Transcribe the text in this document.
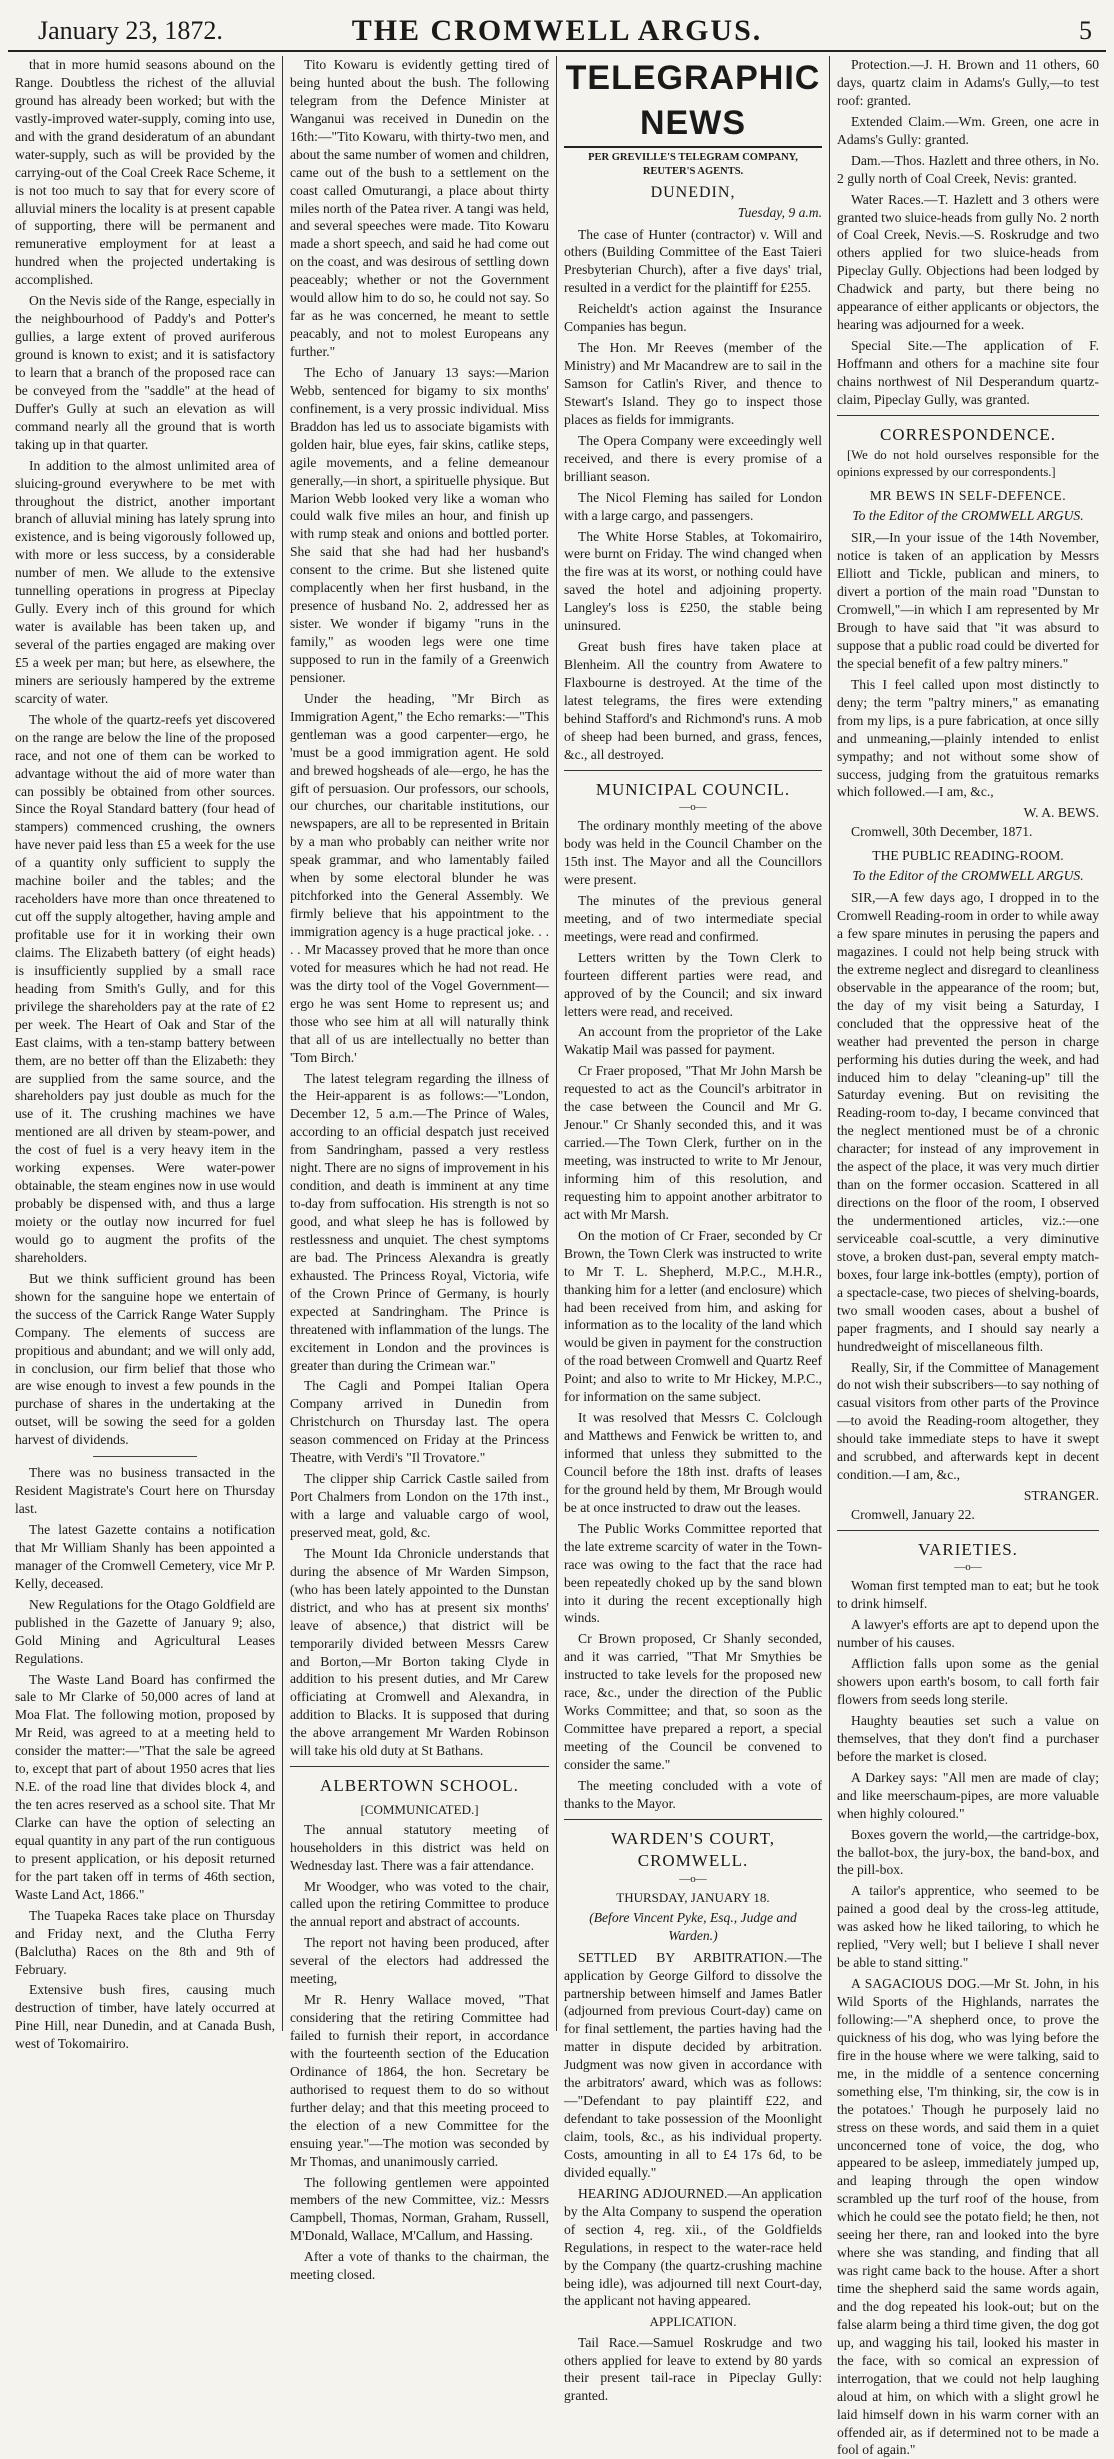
January 23, 1872.	THE CROMWELL ARGUS.	5

that in more humid seasons abound on the Range. Doubtless the richest of the alluvial ground has already been worked; but with the vastly-improved water-supply, coming into use, and with the grand desideratum of an abundant water-supply, such as will be provided by the carrying-out of the Coal Creek Race Scheme, it is not too much to say that for every score of alluvial miners the locality is at present capable of supporting, there will be permanent and remunerative employment for at least a hundred when the projected undertaking is accomplished.

On the Nevis side of the Range, especially in the neighbourhood of Paddy's and Potter's gullies, a large extent of proved auriferous ground is known to exist; and it is satisfactory to learn that a branch of the proposed race can be conveyed from the "saddle" at the head of Duffer's Gully at such an elevation as will command nearly all the ground that is worth taking up in that quarter.

In addition to the almost unlimited area of sluicing-ground everywhere to be met with throughout the district, another important branch of alluvial mining has lately sprung into existence, and is being vigorously followed up, with more or less success, by a considerable number of men. We allude to the extensive tunnelling operations in progress at Pipeclay Gully. Every inch of this ground for which water is available has been taken up, and several of the parties engaged are making over £5 a week per man; but here, as elsewhere, the miners are seriously hampered by the extreme scarcity of water.

The whole of the quartz-reefs yet discovered on the range are below the line of the proposed race, and not one of them can be worked to advantage without the aid of more water than can possibly be obtained from other sources. Since the Royal Standard battery (four head of stampers) commenced crushing, the owners have never paid less than £5 a week for the use of a quantity only sufficient to supply the machine boiler and the tables; and the raceholders have more than once threatened to cut off the supply altogether, having ample and profitable use for it in working their own claims. The Elizabeth battery (of eight heads) is insufficiently supplied by a small race heading from Smith's Gully, and for this privilege the shareholders pay at the rate of £2 per week. The Heart of Oak and Star of the East claims, with a ten-stamp battery between them, are no better off than the Elizabeth: they are supplied from the same source, and the shareholders pay just double as much for the use of it. The crushing machines we have mentioned are all driven by steam-power, and the cost of fuel is a very heavy item in the working expenses. Were water-power obtainable, the steam engines now in use would probably be dispensed with, and thus a large moiety or the outlay now incurred for fuel would go to augment the profits of the shareholders.

But we think sufficient ground has been shown for the sanguine hope we entertain of the success of the Carrick Range Water Supply Company. The elements of success are propitious and abundant; and we will only add, in conclusion, our firm belief that those who are wise enough to invest a few pounds in the purchase of shares in the undertaking at the outset, will be sowing the seed for a golden harvest of dividends.

There was no business transacted in the Resident Magistrate's Court here on Thursday last.

The latest Gazette contains a notification that Mr William Shanly has been appointed a manager of the Cromwell Cemetery, vice Mr P. Kelly, deceased.

New Regulations for the Otago Goldfield are published in the Gazette of January 9; also, Gold Mining and Agricultural Leases Regulations.

The Waste Land Board has confirmed the sale to Mr Clarke of 50,000 acres of land at Moa Flat. The following motion, proposed by Mr Reid, was agreed to at a meeting held to consider the matter:—"That the sale be agreed to, except that part of about 1950 acres that lies N.E. of the road line that divides block 4, and the ten acres reserved as a school site. That Mr Clarke can have the option of selecting an equal quantity in any part of the run contiguous to present application, or his deposit returned for the part taken off in terms of 46th section, Waste Land Act, 1866."

The Tuapeka Races take place on Thursday and Friday next, and the Clutha Ferry (Balclutha) Races on the 8th and 9th of February.

Extensive bush fires, causing much destruction of timber, have lately occurred at Pine Hill, near Dunedin, and at Canada Bush, west of Tokomairiro.

Tito Kowaru is evidently getting tired of being hunted about the bush. The following telegram from the Defence Minister at Wanganui was received in Dunedin on the 16th:—"Tito Kowaru, with thirty-two men, and about the same number of women and children, came out of the bush to a settlement on the coast called Omuturangi, a place about thirty miles north of the Patea river. A tangi was held, and several speeches were made. Tito Kowaru made a short speech, and said he had come out on the coast, and was desirous of settling down peaceably; whether or not the Government would allow him to do so, he could not say. So far as he was concerned, he meant to settle peacably, and not to molest Europeans any further."

The Echo of January 13 says:—Marion Webb, sentenced for bigamy to six months' confinement, is a very prossic individual. Miss Braddon has led us to associate bigamists with golden hair, blue eyes, fair skins, catlike steps, agile movements, and a feline demeanour generally,—in short, a spirituelle physique. But Marion Webb looked very like a woman who could walk five miles an hour, and finish up with rump steak and onions and bottled porter. She said that she had had her husband's consent to the crime. But she listened quite complacently when her first husband, in the presence of husband No. 2, addressed her as sister. We wonder if bigamy "runs in the family," as wooden legs were one time supposed to run in the family of a Greenwich pensioner.

Under the heading, "Mr Birch as Immigration Agent," the Echo remarks:—"This gentleman was a good carpenter—ergo, he 'must be a good immigration agent. He sold and brewed hogsheads of ale—ergo, he has the gift of persuasion. Our professors, our schools, our churches, our charitable institutions, our newspapers, are all to be represented in Britain by a man who probably can neither write nor speak grammar, and who lamentably failed when by some electoral blunder he was pitchforked into the General Assembly. We firmly believe that his appointment to the immigration agency is a huge practical joke. . . . . Mr Macassey proved that he more than once voted for measures which he had not read. He was the dirty tool of the Vogel Government—ergo he was sent Home to represent us; and those who see him at all will naturally think that all of us are intellectually no better than 'Tom Birch.'

The latest telegram regarding the illness of the Heir-apparent is as follows:—"London, December 12, 5 a.m.—The Prince of Wales, according to an official despatch just received from Sandringham, passed a very restless night. There are no signs of improvement in his condition, and death is imminent at any time to-day from suffocation. His strength is not so good, and what sleep he has is followed by restlessness and unquiet. The chest symptoms are bad. The Princess Alexandra is greatly exhausted. The Princess Royal, Victoria, wife of the Crown Prince of Germany, is hourly expected at Sandringham. The Prince is threatened with inflammation of the lungs. The excitement in London and the provinces is greater than during the Crimean war."

The Cagli and Pompei Italian Opera Company arrived in Dunedin from Christchurch on Thursday last. The opera season commenced on Friday at the Princess Theatre, with Verdi's "Il Trovatore."

The clipper ship Carrick Castle sailed from Port Chalmers from London on the 17th inst., with a large and valuable cargo of wool, preserved meat, gold, &c.

The Mount Ida Chronicle understands that during the absence of Mr Warden Simpson, (who has been lately appointed to the Dunstan district, and who has at present six months' leave of absence,) that district will be temporarily divided between Messrs Carew and Borton,—Mr Borton taking Clyde in addition to his present duties, and Mr Carew officiating at Cromwell and Alexandra, in addition to Blacks. It is supposed that during the above arrangement Mr Warden Robinson will take his old duty at St Bathans.

ALBERTOWN SCHOOL.
[COMMUNICATED.]

The annual statutory meeting of householders in this district was held on Wednesday last. There was a fair attendance.

Mr Woodger, who was voted to the chair, called upon the retiring Committee to produce the annual report and abstract of accounts.

The report not having been produced, after several of the electors had addressed the meeting,

Mr R. Henry Wallace moved, "That considering that the retiring Committee had failed to furnish their report, in accordance with the fourteenth section of the Education Ordinance of 1864, the hon. Secretary be authorised to request them to do so without further delay; and that this meeting proceed to the election of a new Committee for the ensuing year."—The motion was seconded by Mr Thomas, and unanimously carried.

The following gentlemen were appointed members of the new Committee, viz.: Messrs Campbell, Thomas, Norman, Graham, Russell, M'Donald, Wallace, M'Callum, and Hassing.

After a vote of thanks to the chairman, the meeting closed.

TELEGRAPHIC NEWS
PER GREVILLE'S TELEGRAM COMPANY, REUTER'S AGENTS.
DUNEDIN,
Tuesday, 9 a.m.

The case of Hunter (contractor) v. Will and others (Building Committee of the East Taieri Presbyterian Church), after a five days' trial, resulted in a verdict for the plaintiff for £255.

Reicheldt's action against the Insurance Companies has begun.

The Hon. Mr Reeves (member of the Ministry) and Mr Macandrew are to sail in the Samson for Catlin's River, and thence to Stewart's Island. They go to inspect those places as fields for immigrants.

The Opera Company were exceedingly well received, and there is every promise of a brilliant season.

The Nicol Fleming has sailed for London with a large cargo, and passengers.

The White Horse Stables, at Tokomairiro, were burnt on Friday. The wind changed when the fire was at its worst, or nothing could have saved the hotel and adjoining property. Langley's loss is £250, the stable being uninsured.

Great bush fires have taken place at Blenheim. All the country from Awatere to Flaxbourne is destroyed. At the time of the latest telegrams, the fires were extending behind Stafford's and Richmond's runs. A mob of sheep had been burned, and grass, fences, &c., all destroyed.

MUNICIPAL COUNCIL.
—o—

The ordinary monthly meeting of the above body was held in the Council Chamber on the 15th inst. The Mayor and all the Councillors were present.

The minutes of the previous general meeting, and of two intermediate special meetings, were read and confirmed.

Letters written by the Town Clerk to fourteen different parties were read, and approved of by the Council; and six inward letters were read, and received.

An account from the proprietor of the Lake Wakatip Mail was passed for payment.

Cr Fraer proposed, "That Mr John Marsh be requested to act as the Council's arbitrator in the case between the Council and Mr G. Jenour." Cr Shanly seconded this, and it was carried.—The Town Clerk, further on in the meeting, was instructed to write to Mr Jenour, informing him of this resolution, and requesting him to appoint another arbitrator to act with Mr Marsh.

On the motion of Cr Fraer, seconded by Cr Brown, the Town Clerk was instructed to write to Mr T. L. Shepherd, M.P.C., M.H.R., thanking him for a letter (and enclosure) which had been received from him, and asking for information as to the locality of the land which would be given in payment for the construction of the road between Cromwell and Quartz Reef Point; and also to write to Mr Hickey, M.P.C., for information on the same subject.

It was resolved that Messrs C. Colclough and Matthews and Fenwick be written to, and informed that unless they submitted to the Council before the 18th inst. drafts of leases for the ground held by them, Mr Brough would be at once instructed to draw out the leases.

The Public Works Committee reported that the late extreme scarcity of water in the Town-race was owing to the fact that the race had been repeatedly choked up by the sand blown into it during the recent exceptionally high winds.

Cr Brown proposed, Cr Shanly seconded, and it was carried, "That Mr Smythies be instructed to take levels for the proposed new race, &c., under the direction of the Public Works Committee; and that, so soon as the Committee have prepared a report, a special meeting of the Council be convened to consider the same."

The meeting concluded with a vote of thanks to the Mayor.

WARDEN'S COURT, CROMWELL.
—o—
THURSDAY, JANUARY 18.
(Before Vincent Pyke, Esq., Judge and Warden.)

SETTLED BY ARBITRATION.—The application by George Gilford to dissolve the partnership between himself and James Batler (adjourned from previous Court-day) came on for final settlement, the parties having had the matter in dispute decided by arbitration. Judgment was now given in accordance with the arbitrators' award, which was as follows:—"Defendant to pay plaintiff £22, and defendant to take possession of the Moonlight claim, tools, &c., as his individual property. Costs, amounting in all to £4 17s 6d, to be divided equally."

HEARING ADJOURNED.—An application by the Alta Company to suspend the operation of section 4, reg. xii., of the Goldfields Regulations, in respect to the water-race held by the Company (the quartz-crushing machine being idle), was adjourned till next Court-day, the applicant not having appeared.

APPLICATION.

Tail Race.—Samuel Roskrudge and two others applied for leave to extend by 80 yards their present tail-race in Pipeclay Gully: granted.

Protection.—J. H. Brown and 11 others, 60 days, quartz claim in Adams's Gully,—to test roof: granted.

Extended Claim.—Wm. Green, one acre in Adams's Gully: granted.

Dam.—Thos. Hazlett and three others, in No. 2 gully north of Coal Creek, Nevis: granted.

Water Races.—T. Hazlett and 3 others were granted two sluice-heads from gully No. 2 north of Coal Creek, Nevis.—S. Roskrudge and two others applied for two sluice-heads from Pipeclay Gully. Objections had been lodged by Chadwick and party, but there being no appearance of either applicants or objectors, the hearing was adjourned for a week.

Special Site.—The application of F. Hoffmann and others for a machine site four chains northwest of Nil Desperandum quartz-claim, Pipeclay Gully, was granted.

CORRESPONDENCE.

[We do not hold ourselves responsible for the opinions expressed by our correspondents.]

MR BEWS IN SELF-DEFENCE.
To the Editor of the CROMWELL ARGUS.

SIR,—In your issue of the 14th November, notice is taken of an application by Messrs Elliott and Tickle, publican and miners, to divert a portion of the main road "Dunstan to Cromwell,"—in which I am represented by Mr Brough to have said that "it was absurd to suppose that a public road could be diverted for the special benefit of a few paltry miners."

This I feel called upon most distinctly to deny; the term "paltry miners," as emanating from my lips, is a pure fabrication, at once silly and unmeaning,—plainly intended to enlist sympathy; and not without some show of success, judging from the gratuitous remarks which followed.—I am, &c.,

W. A. BEWS.
Cromwell, 30th December, 1871.
THE PUBLIC READING-ROOM.
To the Editor of the CROMWELL ARGUS.

SIR,—A few days ago, I dropped in to the Cromwell Reading-room in order to while away a few spare minutes in perusing the papers and magazines. I could not help being struck with the extreme neglect and disregard to cleanliness observable in the appearance of the room; but, the day of my visit being a Saturday, I concluded that the oppressive heat of the weather had prevented the person in charge performing his duties during the week, and had induced him to delay "cleaning-up" till the Saturday evening. But on revisiting the Reading-room to-day, I became convinced that the neglect mentioned must be of a chronic character; for instead of any improvement in the aspect of the place, it was very much dirtier than on the former occasion. Scattered in all directions on the floor of the room, I observed the undermentioned articles, viz.:—one serviceable coal-scuttle, a very diminutive stove, a broken dust-pan, several empty match-boxes, four large ink-bottles (empty), portion of a spectacle-case, two pieces of shelving-boards, two small wooden cases, about a bushel of paper fragments, and I should say nearly a hundredweight of miscellaneous filth.

Really, Sir, if the Committee of Management do not wish their subscribers—to say nothing of casual visitors from other parts of the Province—to avoid the Reading-room altogether, they should take immediate steps to have it swept and scrubbed, and afterwards kept in decent condition.—I am, &c.,

STRANGER.
Cromwell, January 22.
VARIETIES.
—o—

Woman first tempted man to eat; but he took to drink himself.

A lawyer's efforts are apt to depend upon the number of his causes.

Affliction falls upon some as the genial showers upon earth's bosom, to call forth fair flowers from seeds long sterile.

Haughty beauties set such a value on themselves, that they don't find a purchaser before the market is closed.

A Darkey says: "All men are made of clay; and like meerschaum-pipes, are more valuable when highly coloured."

Boxes govern the world,—the cartridge-box, the ballot-box, the jury-box, the band-box, and the pill-box.

A tailor's apprentice, who seemed to be pained a good deal by the cross-leg attitude, was asked how he liked tailoring, to which he replied, "Very well; but I believe I shall never be able to stand sitting."

A SAGACIOUS DOG.—Mr St. John, in his Wild Sports of the Highlands, narrates the following:—"A shepherd once, to prove the quickness of his dog, who was lying before the fire in the house where we were talking, said to me, in the middle of a sentence concerning something else, 'I'm thinking, sir, the cow is in the potatoes.' Though he purposely laid no stress on these words, and said them in a quiet unconcerned tone of voice, the dog, who appeared to be asleep, immediately jumped up, and leaping through the open window scrambled up the turf roof of the house, from which he could see the potato field; he then, not seeing her there, ran and looked into the byre where she was standing, and finding that all was right came back to the house. After a short time the shepherd said the same words again, and the dog repeated his look-out; but on the false alarm being a third time given, the dog got up, and wagging his tail, looked his master in the face, with so comical an expression of interrogation, that we could not help laughing aloud at him, on which with a slight growl he laid himself down in his warm corner with an offended air, as if determined not to be made a fool of again."
